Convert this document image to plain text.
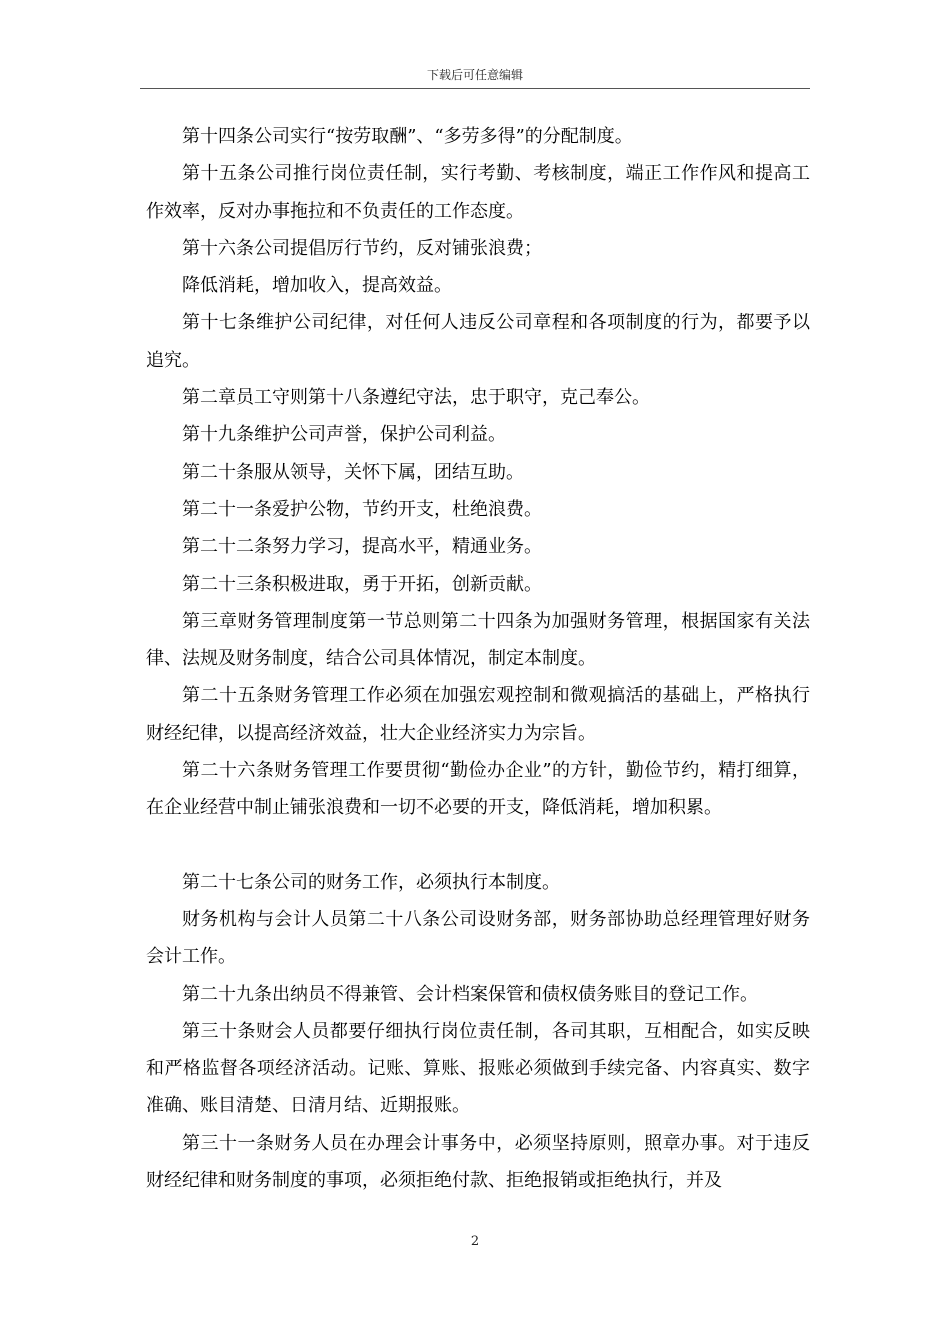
下载后可任意编辑

第十四条公司实行“按劳取酬”、“多劳多得”的分配制度。

第十五条公司推行岗位责任制，实行考勤、考核制度，端正工作作风和提高工作效率，反对办事拖拉和不负责任的工作态度。

第十六条公司提倡厉行节约，反对铺张浪费；

降低消耗，增加收入，提高效益。

第十七条维护公司纪律，对任何人违反公司章程和各项制度的行为，都要予以追究。

第二章员工守则第十八条遵纪守法，忠于职守，克己奉公。

第十九条维护公司声誉，保护公司利益。

第二十条服从领导，关怀下属，团结互助。

第二十一条爱护公物，节约开支，杜绝浪费。

第二十二条努力学习，提高水平，精通业务。

第二十三条积极进取，勇于开拓，创新贡献。

第三章财务管理制度第一节总则第二十四条为加强财务管理，根据国家有关法律、法规及财务制度，结合公司具体情况，制定本制度。

第二十五条财务管理工作必须在加强宏观控制和微观搞活的基础上，严格执行财经纪律，以提高经济效益，壮大企业经济实力为宗旨。

第二十六条财务管理工作要贯彻“勤俭办企业”的方针，勤俭节约，精打细算，在企业经营中制止铺张浪费和一切不必要的开支，降低消耗，增加积累。

第二十七条公司的财务工作，必须执行本制度。

财务机构与会计人员第二十八条公司设财务部，财务部协助总经理管理好财务会计工作。

第二十九条出纳员不得兼管、会计档案保管和债权债务账目的登记工作。

第三十条财会人员都要仔细执行岗位责任制，各司其职，互相配合，如实反映和严格监督各项经济活动。记账、算账、报账必须做到手续完备、内容真实、数字准确、账目清楚、日清月结、近期报账。

第三十一条财务人员在办理会计事务中，必须坚持原则，照章办事。对于违反财经纪律和财务制度的事项，必须拒绝付款、拒绝报销或拒绝执行，并及

2
